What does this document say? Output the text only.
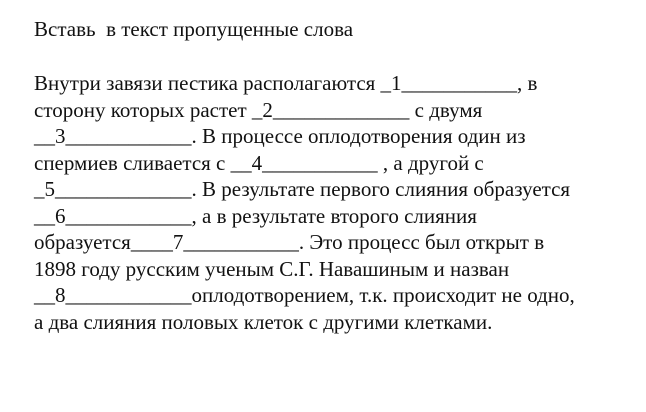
Вставь  в текст пропущенные слова
Внутри завязи пестика располагаются _1___________, в
сторону которых растет _2_____________ с двумя
__3____________. В процессе оплодотворения один из
спермиев сливается с __4___________ , а другой с
_5_____________. В результате первого слияния образуется
__6____________, а в результате второго слияния
образуется____7___________. Это процесс был открыт в
1898 году русским ученым С.Г. Навашиным и назван
__8____________оплодотворением, т.к. происходит не одно,
а два слияния половых клеток с другими клетками.
